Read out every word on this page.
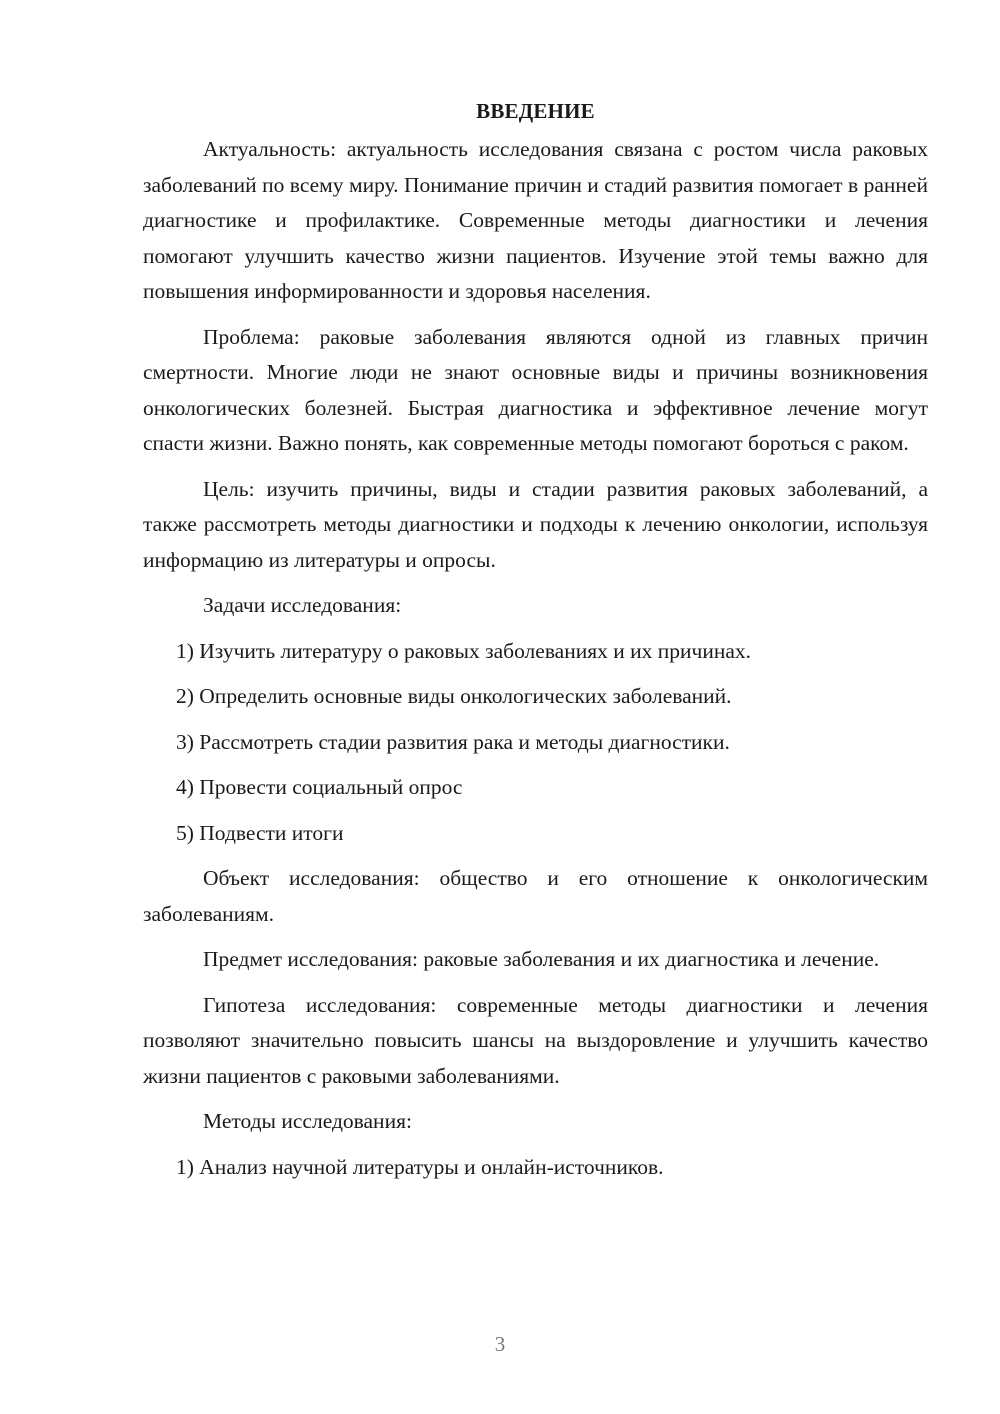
ВВЕДЕНИЕ

Актуальность: актуальность исследования связана с ростом числа раковых заболеваний по всему миру. Понимание причин и стадий развития помогает в ранней диагностике и профилактике. Современные методы диагностики и лечения помогают улучшить качество жизни пациентов. Изучение этой темы важно для повышения информированности и здоровья населения.

Проблема: раковые заболевания являются одной из главных причин смертности. Многие люди не знают основные виды и причины возникновения онкологических болезней. Быстрая диагностика и эффективное лечение могут спасти жизни. Важно понять, как современные методы помогают бороться с раком.

Цель: изучить причины, виды и стадии развития раковых заболеваний, а также рассмотреть методы диагностики и подходы к лечению онкологии, используя информацию из литературы и опросы.

Задачи исследования:
1) Изучить литературу о раковых заболеваниях и их причинах.
2) Определить основные виды онкологических заболеваний.
3) Рассмотреть стадии развития рака и методы диагностики.
4) Провести социальный опрос
5) Подвести итоги

Объект исследования: общество и его отношение к онкологическим заболеваниям.

Предмет исследования: раковые заболевания и их диагностика и лечение.

Гипотеза исследования: современные методы диагностики и лечения позволяют значительно повысить шансы на выздоровление и улучшить качество жизни пациентов с раковыми заболеваниями.

Методы исследования:
1) Анализ научной литературы и онлайн-источников.
3
